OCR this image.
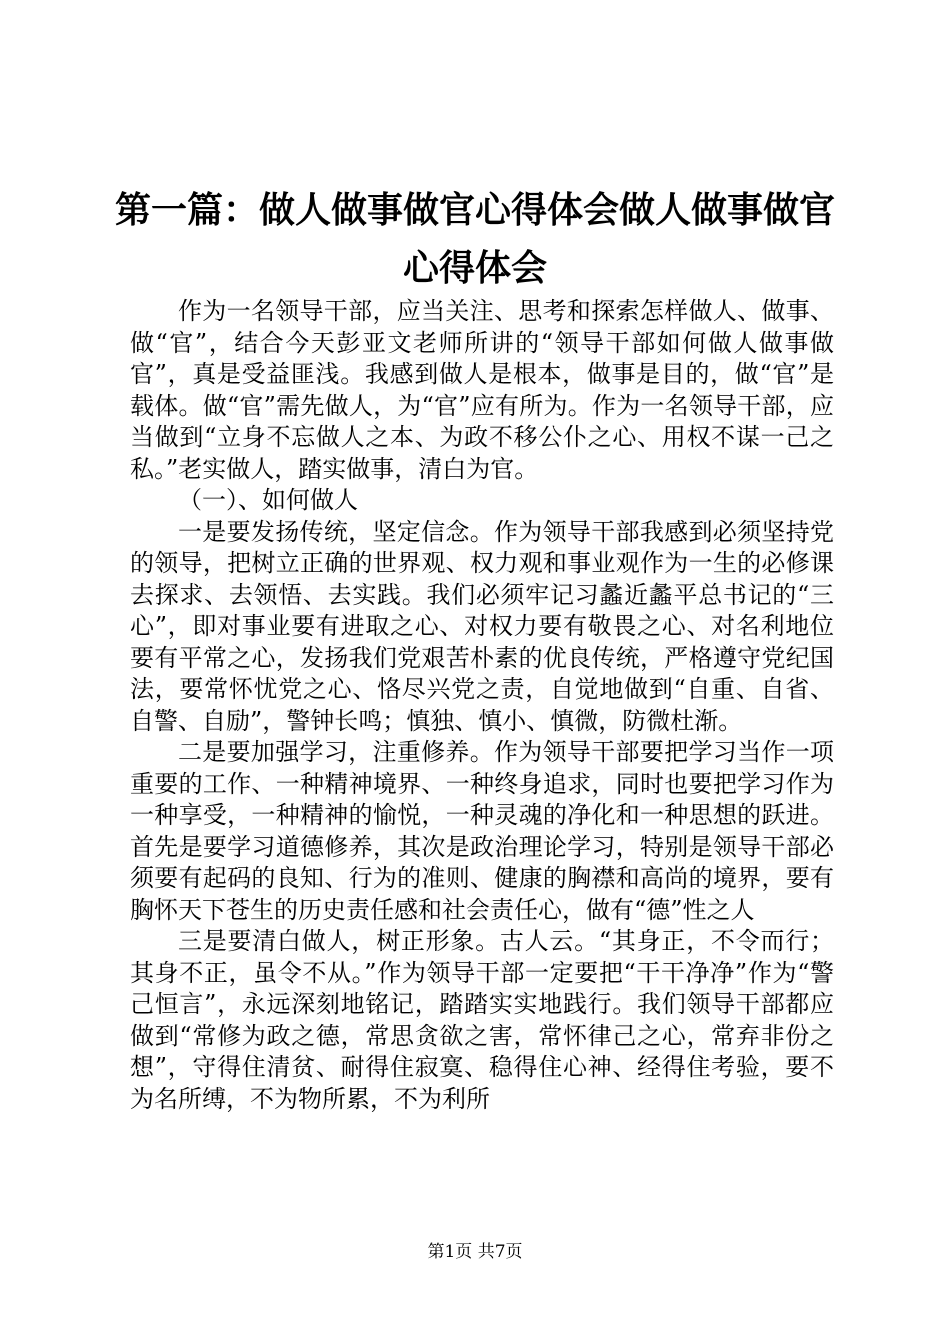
第一篇：做人做事做官心得体会做人做事做官
心得体会

作为一名领导干部，应当关注、思考和探索怎样做人、做事、做“官”，结合今天彭亚文老师所讲的“领导干部如何做人做事做官”，真是受益匪浅。我感到做人是根本，做事是目的，做“官”是载体。做“官”需先做人，为“官”应有所为。作为一名领导干部，应当做到“立身不忘做人之本、为政不移公仆之心、用权不谋一己之私。”老实做人，踏实做事，清白为官。

（一）、如何做人

一是要发扬传统，坚定信念。作为领导干部我感到必须坚持党的领导，把树立正确的世界观、权力观和事业观作为一生的必修课去探求、去领悟、去实践。我们必须牢记习蠡近蠡平总书记的“三心”，即对事业要有进取之心、对权力要有敬畏之心、对名利地位要有平常之心，发扬我们党艰苦朴素的优良传统，严格遵守党纪国法，要常怀忧党之心、恪尽兴党之责，自觉地做到“自重、自省、自警、自励”，警钟长鸣；慎独、慎小、慎微，防微杜渐。

二是要加强学习，注重修养。作为领导干部要把学习当作一项重要的工作、一种精神境界、一种终身追求，同时也要把学习作为一种享受，一种精神的愉悦，一种灵魂的净化和一种思想的跃进。首先是要学习道德修养，其次是政治理论学习，特别是领导干部必须要有起码的良知、行为的准则、健康的胸襟和高尚的境界，要有胸怀天下苍生的历史责任感和社会责任心，做有“德”性之人

三是要清白做人，树正形象。古人云。“其身正，不令而行；其身不正，虽令不从。”作为领导干部一定要把“干干净净”作为“警己恒言”，永远深刻地铭记，踏踏实实地践行。我们领导干部都应做到“常修为政之德，常思贪欲之害，常怀律己之心，常弃非份之想”，守得住清贫、耐得住寂寞、稳得住心神、经得住考验，要不为名所缚，不为物所累，不为利所

第1页 共7页
